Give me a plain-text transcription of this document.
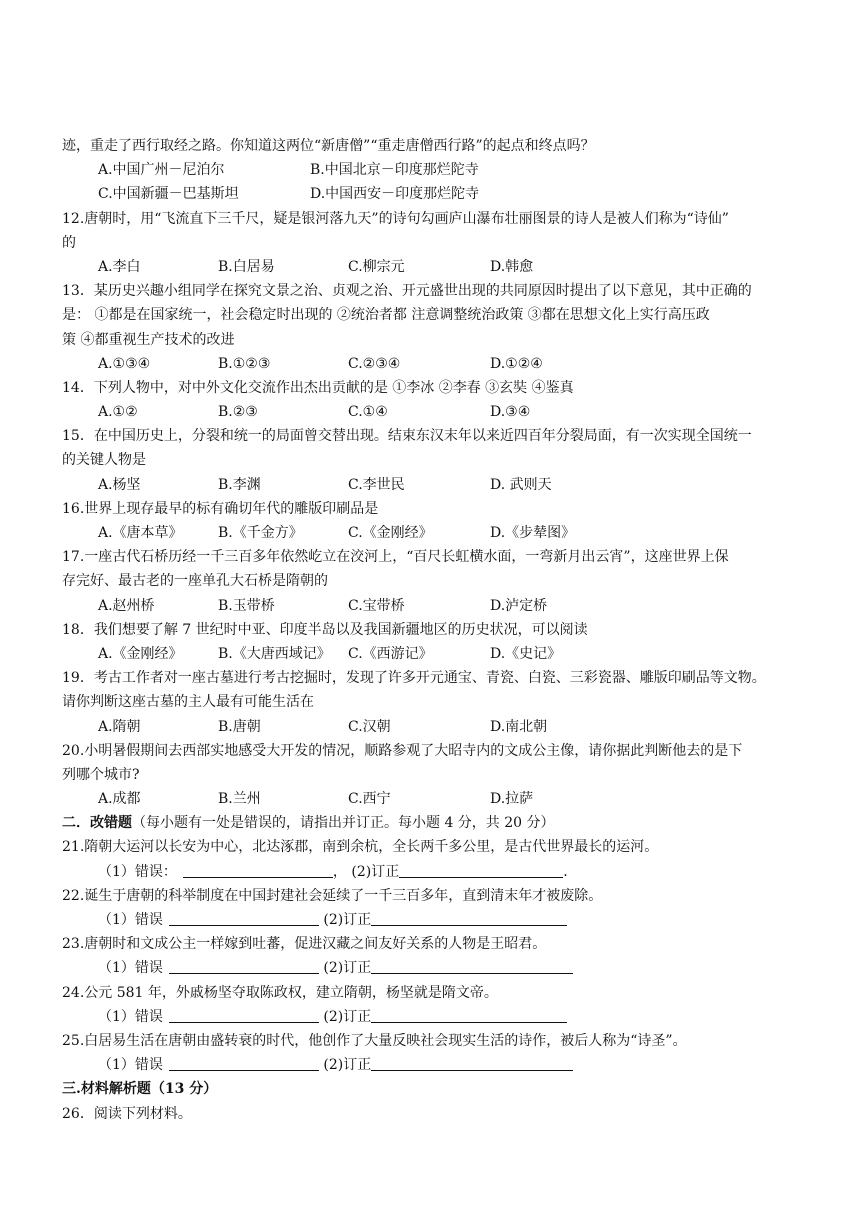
迹，重走了西行取经之路。你知道这两位“新唐僧”“重走唐僧西行路”的起点和终点吗？
A.中国广州－尼泊尔	B.中国北京－印度那烂陀寺
C.中国新疆－巴基斯坦	D.中国西安－印度那烂陀寺
12.唐朝时，用“飞流直下三千尺，疑是银河落九天”的诗句勾画庐山瀑布壮丽图景的诗人是被人们称为“诗仙”
的
A.李白	B.白居易	C.柳宗元	D.韩愈
13．某历史兴趣小组同学在探究文景之治、贞观之治、开元盛世出现的共同原因时提出了以下意见，其中正确的
是： ①都是在国家统一，社会稳定时出现的 ②统治者都 注意调整统治政策 ③都在思想文化上实行高压政
策 ④都重视生产技术的改进
A.①③④	B.①②③	C.②③④	D.①②④
14．下列人物中，对中外文化交流作出杰出贡献的是 ①李冰 ②李春 ③玄奘 ④鉴真
A.①②	B.②③	C.①④	D.③④
15．在中国历史上，分裂和统一的局面曾交替出现。结束东汉末年以来近四百年分裂局面，有一次实现全国统一
的关键人物是
A.杨坚	B.李渊	C.李世民	D. 武则天
16.世界上现存最早的标有确切年代的雕版印刷品是
A.《唐本草》	B.《千金方》	C.《金刚经》	D.《步辇图》
17.一座古代石桥历经一千三百多年依然屹立在洨河上，“百尺长虹横水面，一弯新月出云宵”，这座世界上保
存完好、最古老的一座单孔大石桥是隋朝的
A.赵州桥	B.玉带桥	C.宝带桥	D.泸定桥
18．我们想要了解 7 世纪时中亚、印度半岛以及我国新疆地区的历史状况，可以阅读
A.《金刚经》	B.《大唐西域记》 C.《西游记》	D.《史记》
19．考古工作者对一座古墓进行考古挖掘时，发现了许多开元通宝、青瓷、白瓷、三彩瓷器、雕版印刷品等文物。
请你判断这座古墓的主人最有可能生活在
A.隋朝	B.唐朝	C.汉朝	D.南北朝
20.小明暑假期间去西部实地感受大开发的情况，顺路参观了大昭寺内的文成公主像，请你据此判断他去的是下
列哪个城市?
A.成都	B.兰州	C.西宁	D.拉萨
二．改错题（每小题有一处是错误的，请指出并订正。每小题 4 分，共 20 分）
21.隋朝大运河以长安为中心，北达涿郡，南到余杭，全长两千多公里，是古代世界最长的运河。
（1）错误：	， (2)订正	.
22.诞生于唐朝的科举制度在中国封建社会延续了一千三百多年，直到清末年才被废除。
（1）错误	(2)订正
23.唐朝时和文成公主一样嫁到吐蕃，促进汉藏之间友好关系的人物是王昭君。
（1）错误	(2)订正
24.公元 581 年，外戚杨坚夺取陈政权，建立隋朝，杨坚就是隋文帝。
（1）错误	(2)订正
25.白居易生活在唐朝由盛转衰的时代，他创作了大量反映社会现实生活的诗作，被后人称为“诗圣”。
（1）错误	(2)订正
三.材料解析题（13 分）
26．阅读下列材料。
